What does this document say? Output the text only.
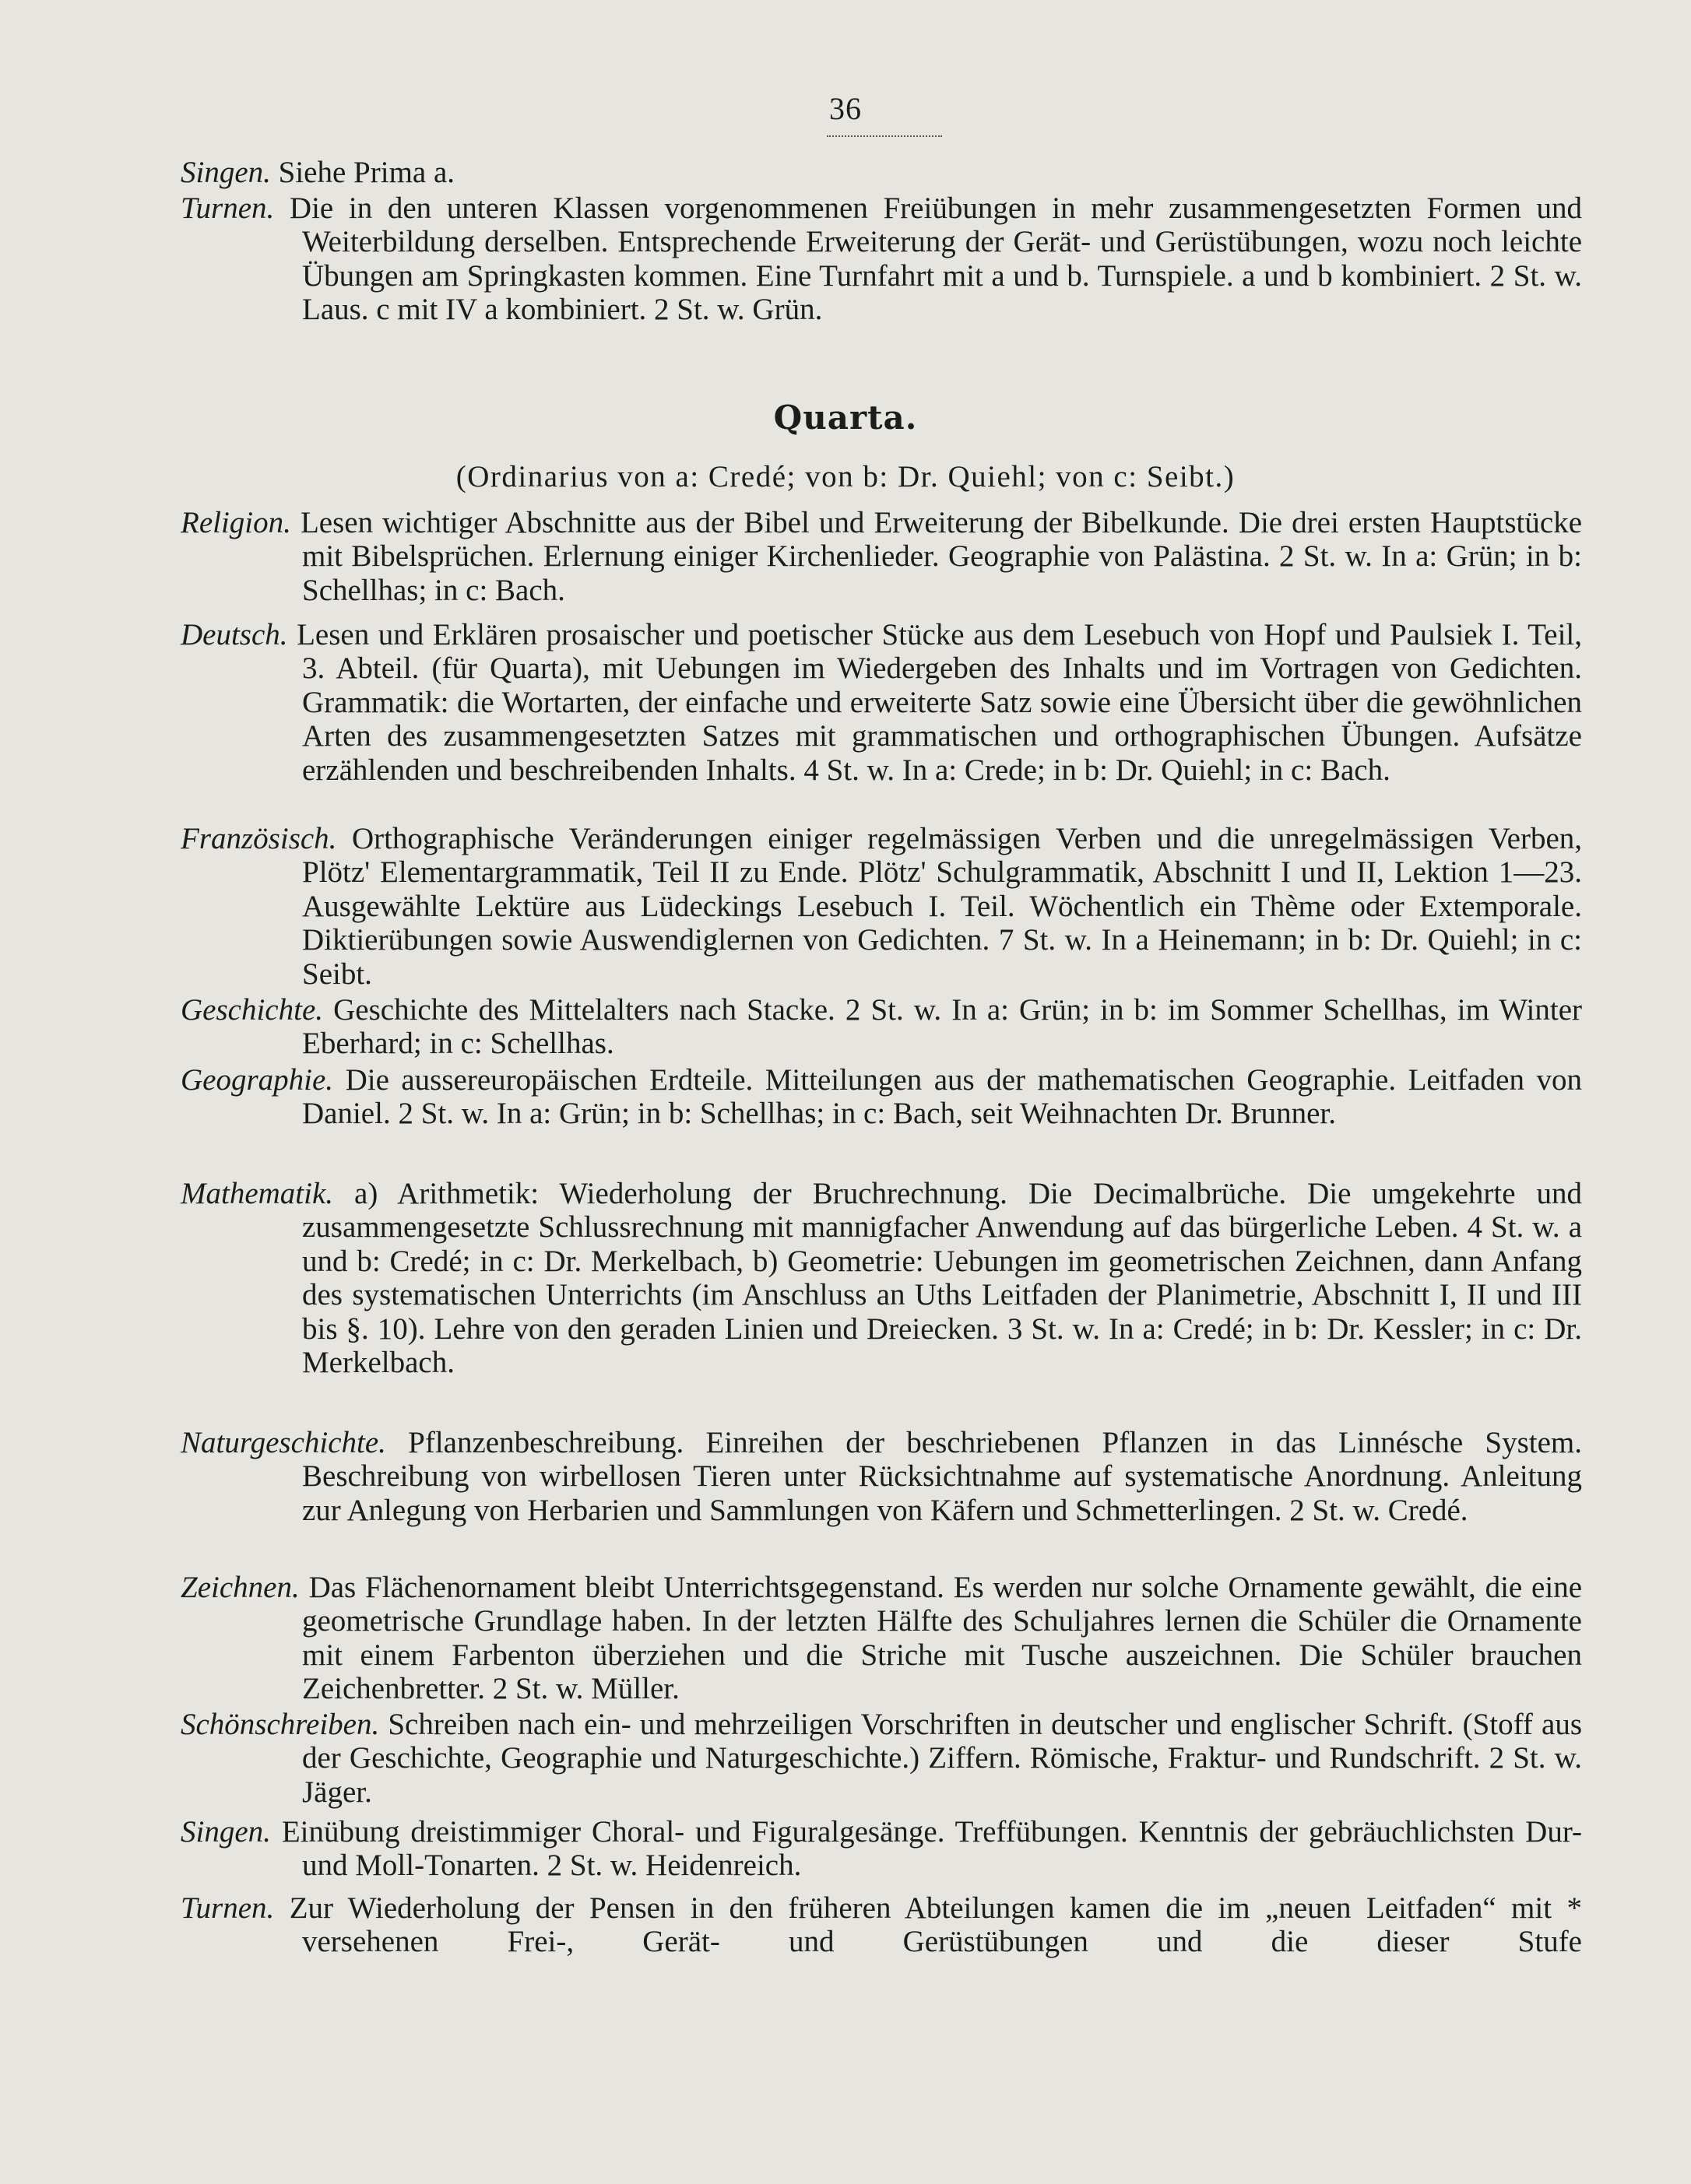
36

Singen. Siehe Prima a.

Turnen. Die in den unteren Klassen vorgenommenen Freiübungen in mehr zusammengesetzten Formen und Weiterbildung derselben. Entsprechende Erweiterung der Gerät- und Gerüstübungen, wozu noch leichte Übungen am Springkasten kommen. Eine Turnfahrt mit a und b. Turnspiele. a und b kombiniert. 2 St. w. Laus. c mit IV a kombiniert. 2 St. w. Grün.

Quarta.
(Ordinarius von a: Credé; von b: Dr. Quiehl; von c: Seibt.)

Religion. Lesen wichtiger Abschnitte aus der Bibel und Erweiterung der Bibelkunde. Die drei ersten Hauptstücke mit Bibelsprüchen. Erlernung einiger Kirchenlieder. Geographie von Palästina. 2 St. w. In a: Grün; in b: Schellhas; in c: Bach.

Deutsch. Lesen und Erklären prosaischer und poetischer Stücke aus dem Lesebuch von Hopf und Paulsiek I. Teil, 3. Abteil. (für Quarta), mit Uebungen im Wiedergeben des Inhalts und im Vortragen von Gedichten. Grammatik: die Wortarten, der einfache und erweiterte Satz sowie eine Übersicht über die gewöhnlichen Arten des zusammengesetzten Satzes mit grammatischen und orthographischen Übungen. Aufsätze erzählenden und beschreibenden Inhalts. 4 St. w. In a: Crede; in b: Dr. Quiehl; in c: Bach.

Französisch. Orthographische Veränderungen einiger regelmässigen Verben und die unregelmässigen Verben, Plötz' Elementargrammatik, Teil II zu Ende. Plötz' Schulgrammatik, Abschnitt I und II, Lektion 1—23. Ausgewählte Lektüre aus Lüdeckings Lesebuch I. Teil. Wöchentlich ein Thème oder Extemporale. Diktierübungen sowie Auswendiglernen von Gedichten. 7 St. w. In a Heinemann; in b: Dr. Quiehl; in c: Seibt.

Geschichte. Geschichte des Mittelalters nach Stacke. 2 St. w. In a: Grün; in b: im Sommer Schellhas, im Winter Eberhard; in c: Schellhas.

Geographie. Die aussereuropäischen Erdteile. Mitteilungen aus der mathematischen Geographie. Leitfaden von Daniel. 2 St. w. In a: Grün; in b: Schellhas; in c: Bach, seit Weihnachten Dr. Brunner.

Mathematik. a) Arithmetik: Wiederholung der Bruchrechnung. Die Decimalbrüche. Die umgekehrte und zusammengesetzte Schlussrechnung mit mannigfacher Anwendung auf das bürgerliche Leben. 4 St. w. a und b: Credé; in c: Dr. Merkelbach, b) Geometrie: Uebungen im geometrischen Zeichnen, dann Anfang des systematischen Unterrichts (im Anschluss an Uths Leitfaden der Planimetrie, Abschnitt I, II und III bis §. 10). Lehre von den geraden Linien und Dreiecken. 3 St. w. In a: Credé; in b: Dr. Kessler; in c: Dr. Merkelbach.

Naturgeschichte. Pflanzenbeschreibung. Einreihen der beschriebenen Pflanzen in das Linnésche System. Beschreibung von wirbellosen Tieren unter Rücksichtnahme auf systematische Anordnung. Anleitung zur Anlegung von Herbarien und Sammlungen von Käfern und Schmetterlingen. 2 St. w. Credé.

Zeichnen. Das Flächenornament bleibt Unterrichtsgegenstand. Es werden nur solche Ornamente gewählt, die eine geometrische Grundlage haben. In der letzten Hälfte des Schuljahres lernen die Schüler die Ornamente mit einem Farbenton überziehen und die Striche mit Tusche auszeichnen. Die Schüler brauchen Zeichenbretter. 2 St. w. Müller.

Schönschreiben. Schreiben nach ein- und mehrzeiligen Vorschriften in deutscher und englischer Schrift. (Stoff aus der Geschichte, Geographie und Naturgeschichte.) Ziffern. Römische, Fraktur- und Rundschrift. 2 St. w. Jäger.

Singen. Einübung dreistimmiger Choral- und Figuralgesänge. Treffübungen. Kenntnis der gebräuchlichsten Dur- und Moll-Tonarten. 2 St. w. Heidenreich.

Turnen. Zur Wiederholung der Pensen in den früheren Abteilungen kamen die im „neuen Leitfaden“ mit * versehenen Frei-, Gerät- und Gerüstübungen und die dieser Stufe
